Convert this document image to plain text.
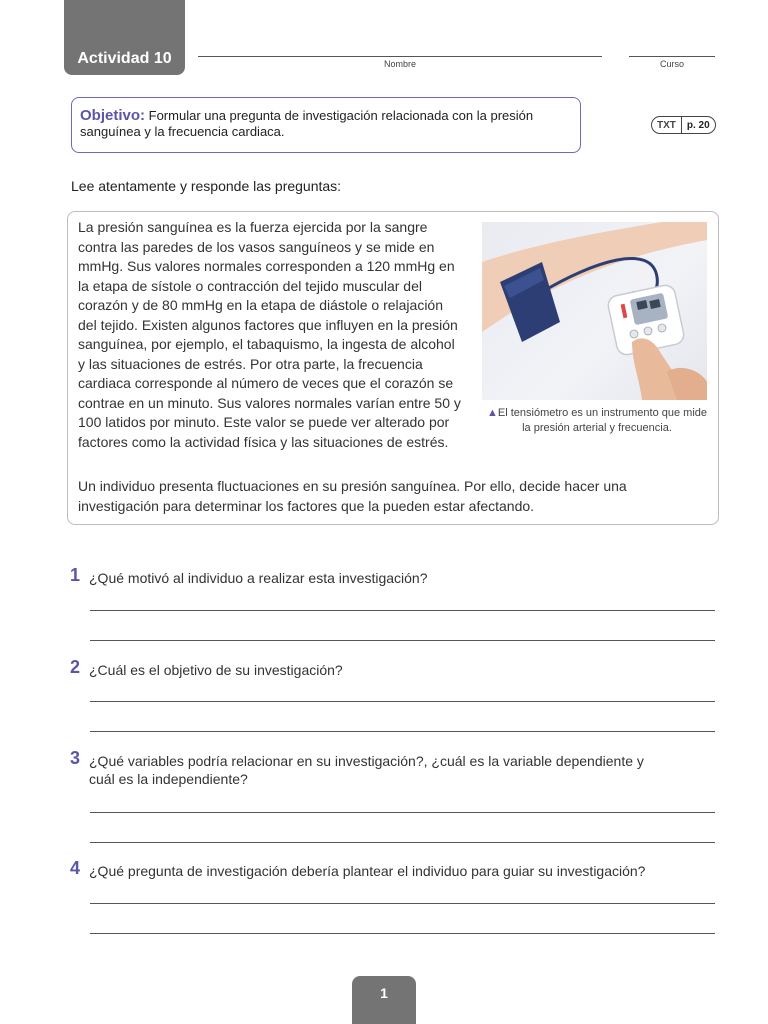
Actividad 10	Nombre	Curso
Objetivo: Formular una pregunta de investigación relacionada con la presión sanguínea y la frecuencia cardiaca.	TXT	p. 20
Lee atentamente y responde las preguntas:
La presión sanguínea es la fuerza ejercida por la sangre contra las paredes de los vasos sanguíneos y se mide en mmHg. Sus valores normales corresponden a 120 mmHg en la etapa de sístole o contracción del tejido muscular del corazón y de 80 mmHg en la etapa de diástole o relajación del tejido. Existen algunos factores que influyen en la presión sanguínea, por ejemplo, el tabaquismo, la ingesta de alcohol y las situaciones de estrés. Por otra parte, la frecuencia cardiaca corresponde al número de veces que el corazón se contrae en un minuto. Sus valores normales varían entre 50 y 100 latidos por minuto. Este valor se puede ver alterado por factores como la actividad física y las situaciones de estrés.
▲El tensiómetro es un instrumento que mide la presión arterial y frecuencia.
Un individuo presenta fluctuaciones en su presión sanguínea. Por ello, decide hacer una investigación para determinar los factores que la pueden estar afectando.
1 ¿Qué motivó al individuo a realizar esta investigación?
2 ¿Cuál es el objetivo de su investigación?
3 ¿Qué variables podría relacionar en su investigación?, ¿cuál es la variable dependiente y cuál es la independiente?
4 ¿Qué pregunta de investigación debería plantear el individuo para guiar su investigación?
1
